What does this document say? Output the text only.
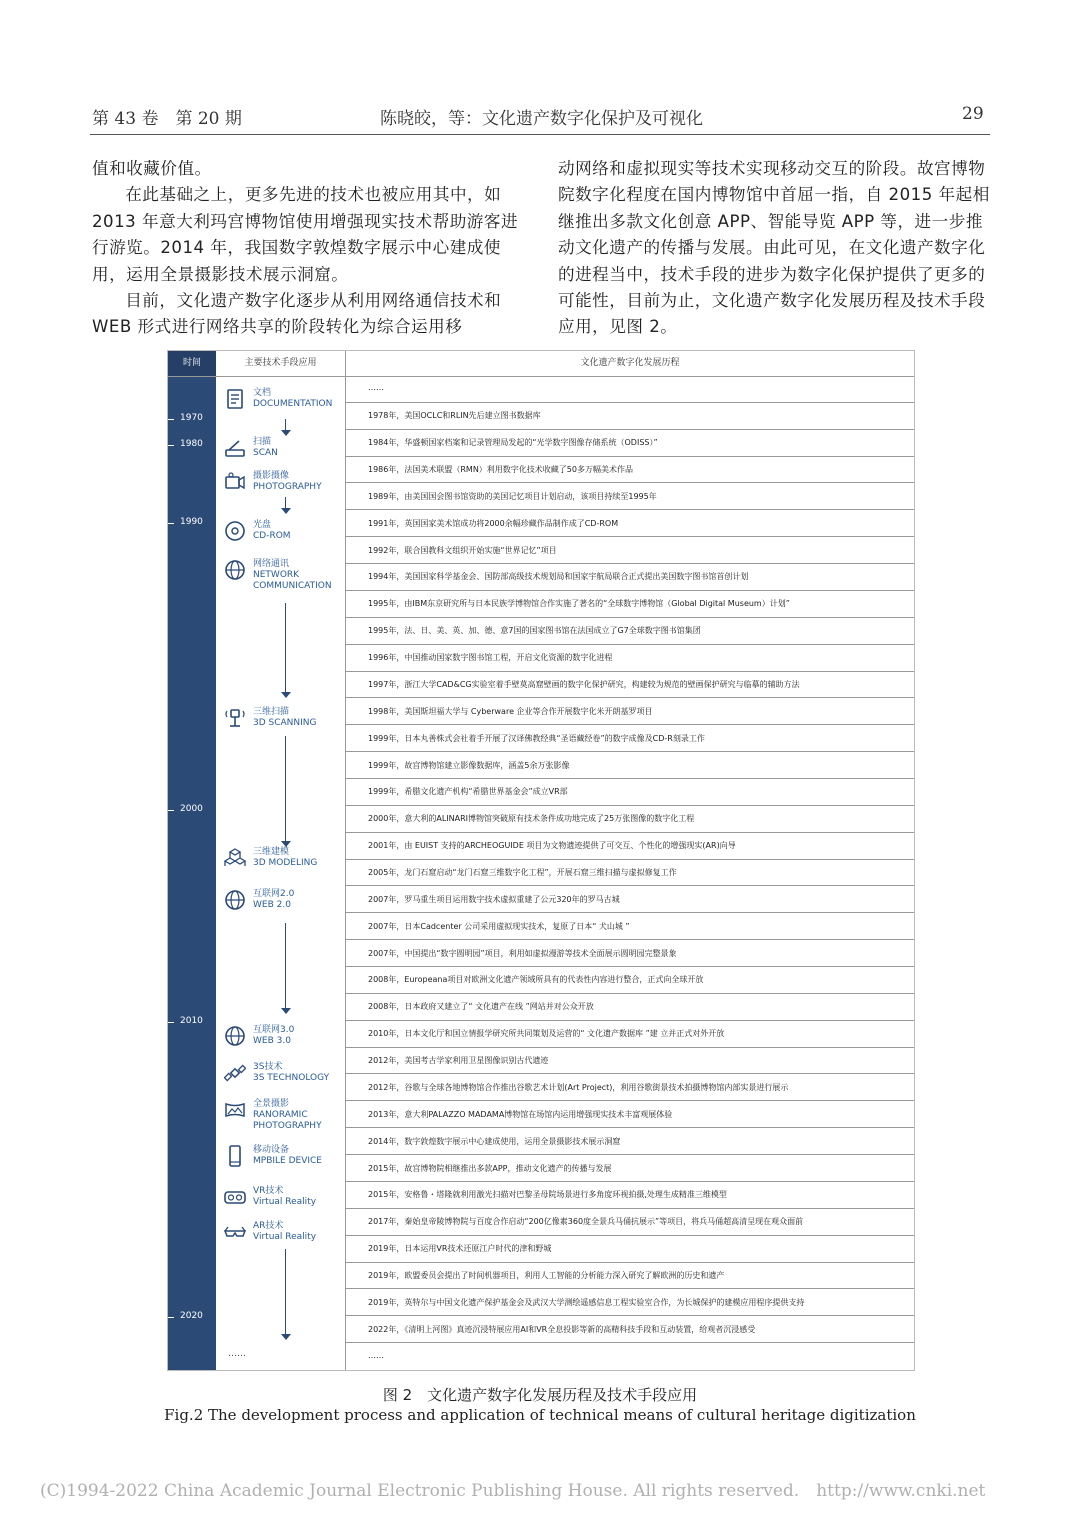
第 43 卷　第 20 期	陈晓皎，等：文化遗产数字化保护及可视化	29

值和收藏价值。

在此基础之上，更多先进的技术也被应用其中，如 2013 年意大利玛宫博物馆使用增强现实技术帮助游客进行游览。2014 年，我国数字敦煌数字展示中心建成使用，运用全景摄影技术展示洞窟。

目前，文化遗产数字化逐步从利用网络通信技术和 WEB 形式进行网络共享的阶段转化为综合运用移

动网络和虚拟现实等技术实现移动交互的阶段。故宫博物院数字化程度在国内博物馆中首屈一指，自 2015 年起相继推出多款文化创意 APP、智能导览 APP 等，进一步推动文化遗产的传播与发展。由此可见，在文化遗产数字化的进程当中，技术手段的进步为数字化保护提供了更多的可能性，目前为止，文化遗产数字化发展历程及技术手段应用，见图 2。

时间
1970
1980
1990
2000
2010
2020
主要技术手段应用	文化遗产数字化发展历程
文档
DOCUMENTATION
扫描
SCAN
摄影摄像
PHOTOGRAPHY
光盘
CD-ROM
网络通讯
NETWORK
COMMUNICATION
三维扫描
3D SCANNING
三维建模
3D MODELING
互联网2.0
WEB 2.0
互联网3.0
WEB 3.0
3S技术
3S TECHNOLOGY
全景摄影
RANORAMIC
PHOTOGRAPHY
移动设备
MPBILE DEVICE
VR技术
Virtual Reality
AR技术
Virtual Reality
……
……
1978年，美国OCLC和RLIN先后建立图书数据库
1984年，华盛顿国家档案和记录管理局发起的“光学数字图像存储系统（ODISS）”
1986年，法国美术联盟（RMN）利用数字化技术收藏了50多万幅美术作品
1989年，由美国国会图书馆资助的美国记忆项目计划启动，该项目持续至1995年
1991年，英国国家美术馆成功将2000余幅珍藏作品制作成了CD-ROM
1992年，联合国教科文组织开始实施“世界记忆”项目
1994年，美国国家科学基金会、国防部高级技术规划局和国家宇航局联合正式提出美国数字图书馆首创计划
1995年，由IBM东京研究所与日本民族学博物馆合作实施了著名的“全球数字博物馆（Global Digital Museum）计划”
1995年，法、日、美、英、加、德、意7国的国家图书馆在法国成立了G7全球数字图书馆集团
1996年，中国推动国家数字图书馆工程，开启文化资源的数字化进程
1997年，浙江大学CAD&CG实验室着手壁莫高窟壁画的数字化保护研究，构建较为规范的壁画保护研究与临摹的辅助方法
1998年，美国斯坦福大学与 Cyberware 企业等合作开展数字化米开朗基罗项目
1999年，日本丸善株式会社着手开展了汉译佛教经典“圣语藏经卷”的数字成像及CD-R刻录工作
1999年，故宫博物馆建立影像数据库，涵盖5余万张影像
1999年，希腊文化遗产机构“希腊世界基金会”成立VR部
2000年，意大利的ALINARI博物馆突破原有技术条件成功地完成了25万张图像的数字化工程
2001年，由 EUIST 支持的ARCHEOGUIDE 项目为文物遗迹提供了可交互、个性化的增强现实(AR)向导
2005年，龙门石窟启动“龙门石窟三维数字化工程”，开展石窟三维扫描与虚拟修复工作
2007年，罗马重生项目运用数字技术虚拟重建了公元320年的罗马古城
2007年，日本Cadcenter 公司采用虚拟现实技术，复原了日本“ 犬山城 ”
2007年，中国提出“数字圆明园”项目，利用如虚拟漫游等技术全面展示圆明园完整景象
2008年，Europeana项目对欧洲文化遗产领域所具有的代表性内容进行整合，正式向全球开放
2008年，日本政府又建立了“ 文化遗产在线 ”网站并对公众开放
2010年，日本文化厅和国立情报学研究所共同策划及运营的“ 文化遗产数据库 ”建 立并正式对外开放
2012年，美国考古学家利用卫星图像识别古代遗迹
2012年，谷歌与全球各地博物馆合作推出谷歌艺术计划(Art Project)，利用谷歌街景技术拍摄博物馆内部实景进行展示
2013年，意大利PALAZZO MADAMA博物馆在场馆内运用增强现实技术丰富观展体验
2014年，数字敦煌数字展示中心建成使用，运用全景摄影技术展示洞窟
2015年，故宫博物院相继推出多款APP，推动文化遗产的传播与发展
2015年，安格鲁・塔隆就利用激光扫描对巴黎圣母院场景进行多角度环视拍摄,处理生成精准三维模型
2017年，秦始皇帝陵博物院与百度合作启动“200亿像素360度全景兵马俑抗展示”等项目，将兵马俑超高清呈现在观众面前
2019年，日本运用VR技术还原江户时代的津和野城
2019年，欧盟委员会提出了时间机器项目，利用人工智能的分析能力深入研究了解欧洲的历史和遗产
2019年，英特尔与中国文化遗产保护基金会及武汉大学测绘遥感信息工程实验室合作，为长城保护的建模应用程序提供支持
2022年，《清明上河图》真迹沉浸特展应用AI和VR全息投影等新的高精科技手段和互动装置，给观者沉浸感受
……
图 2　文化遗产数字化发展历程及技术手段应用
Fig.2 The development process and application of technical means of cultural heritage digitization
(C)1994-2022 China Academic Journal Electronic Publishing House. All rights reserved.　http://www.cnki.net
